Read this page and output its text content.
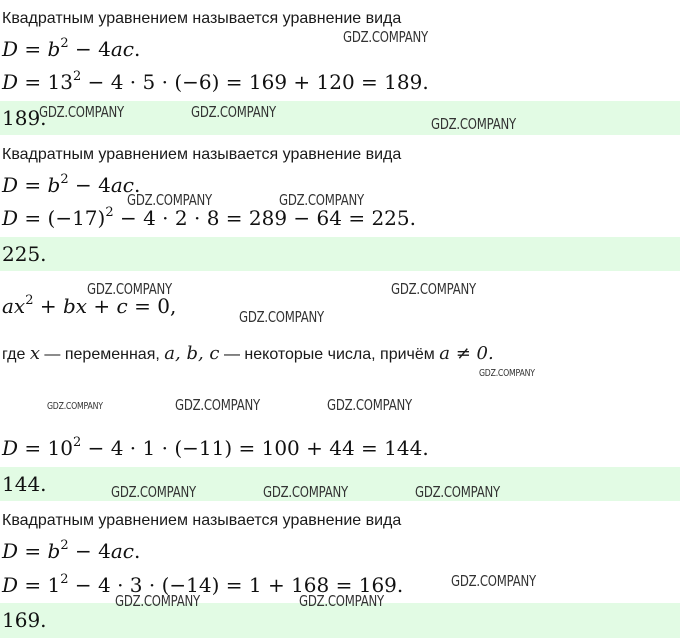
Квадратным уравнением называется уравнение вида
$D = b^2 - 4ac$.
$D = 13^2 - 4 \cdot 5 \cdot (-6) = 169 + 120 = 189$.
189.
Квадратным уравнением называется уравнение вида
$D = b^2 - 4ac$.
$D = (-17)^2 - 4 \cdot 2 \cdot 8 = 289 - 64 = 225$.
225.
$ax^2$ + bx + c = 0,
где x — переменная, a, b, c — некоторые числа, причём a ≠ 0.
$D = 10^2 - 4 \cdot 1 \cdot (-11) = 100 + 44 = 144$.
144.
Квадратным уравнением называется уравнение вида
$D = b^2 - 4ac$.
$D = 1^2 - 4 \cdot 3 \cdot (-14) = 1 + 168 = 169$.
169.
GDZ.COMPANY
GDZ.COMPANY	GDZ.COMPANY
GDZ.COMPANY
GDZ.COMPANY	GDZ.COMPANY
GDZ.COMPANY	GDZ.COMPANY
GDZ.COMPANY
GDZ.COMPANY
GDZ.COMPANY	GDZ.COMPANY	GDZ.COMPANY
GDZ.COMPANY	GDZ.COMPANY	GDZ.COMPANY
GDZ.COMPANY
GDZ.COMPANY	GDZ.COMPANY
